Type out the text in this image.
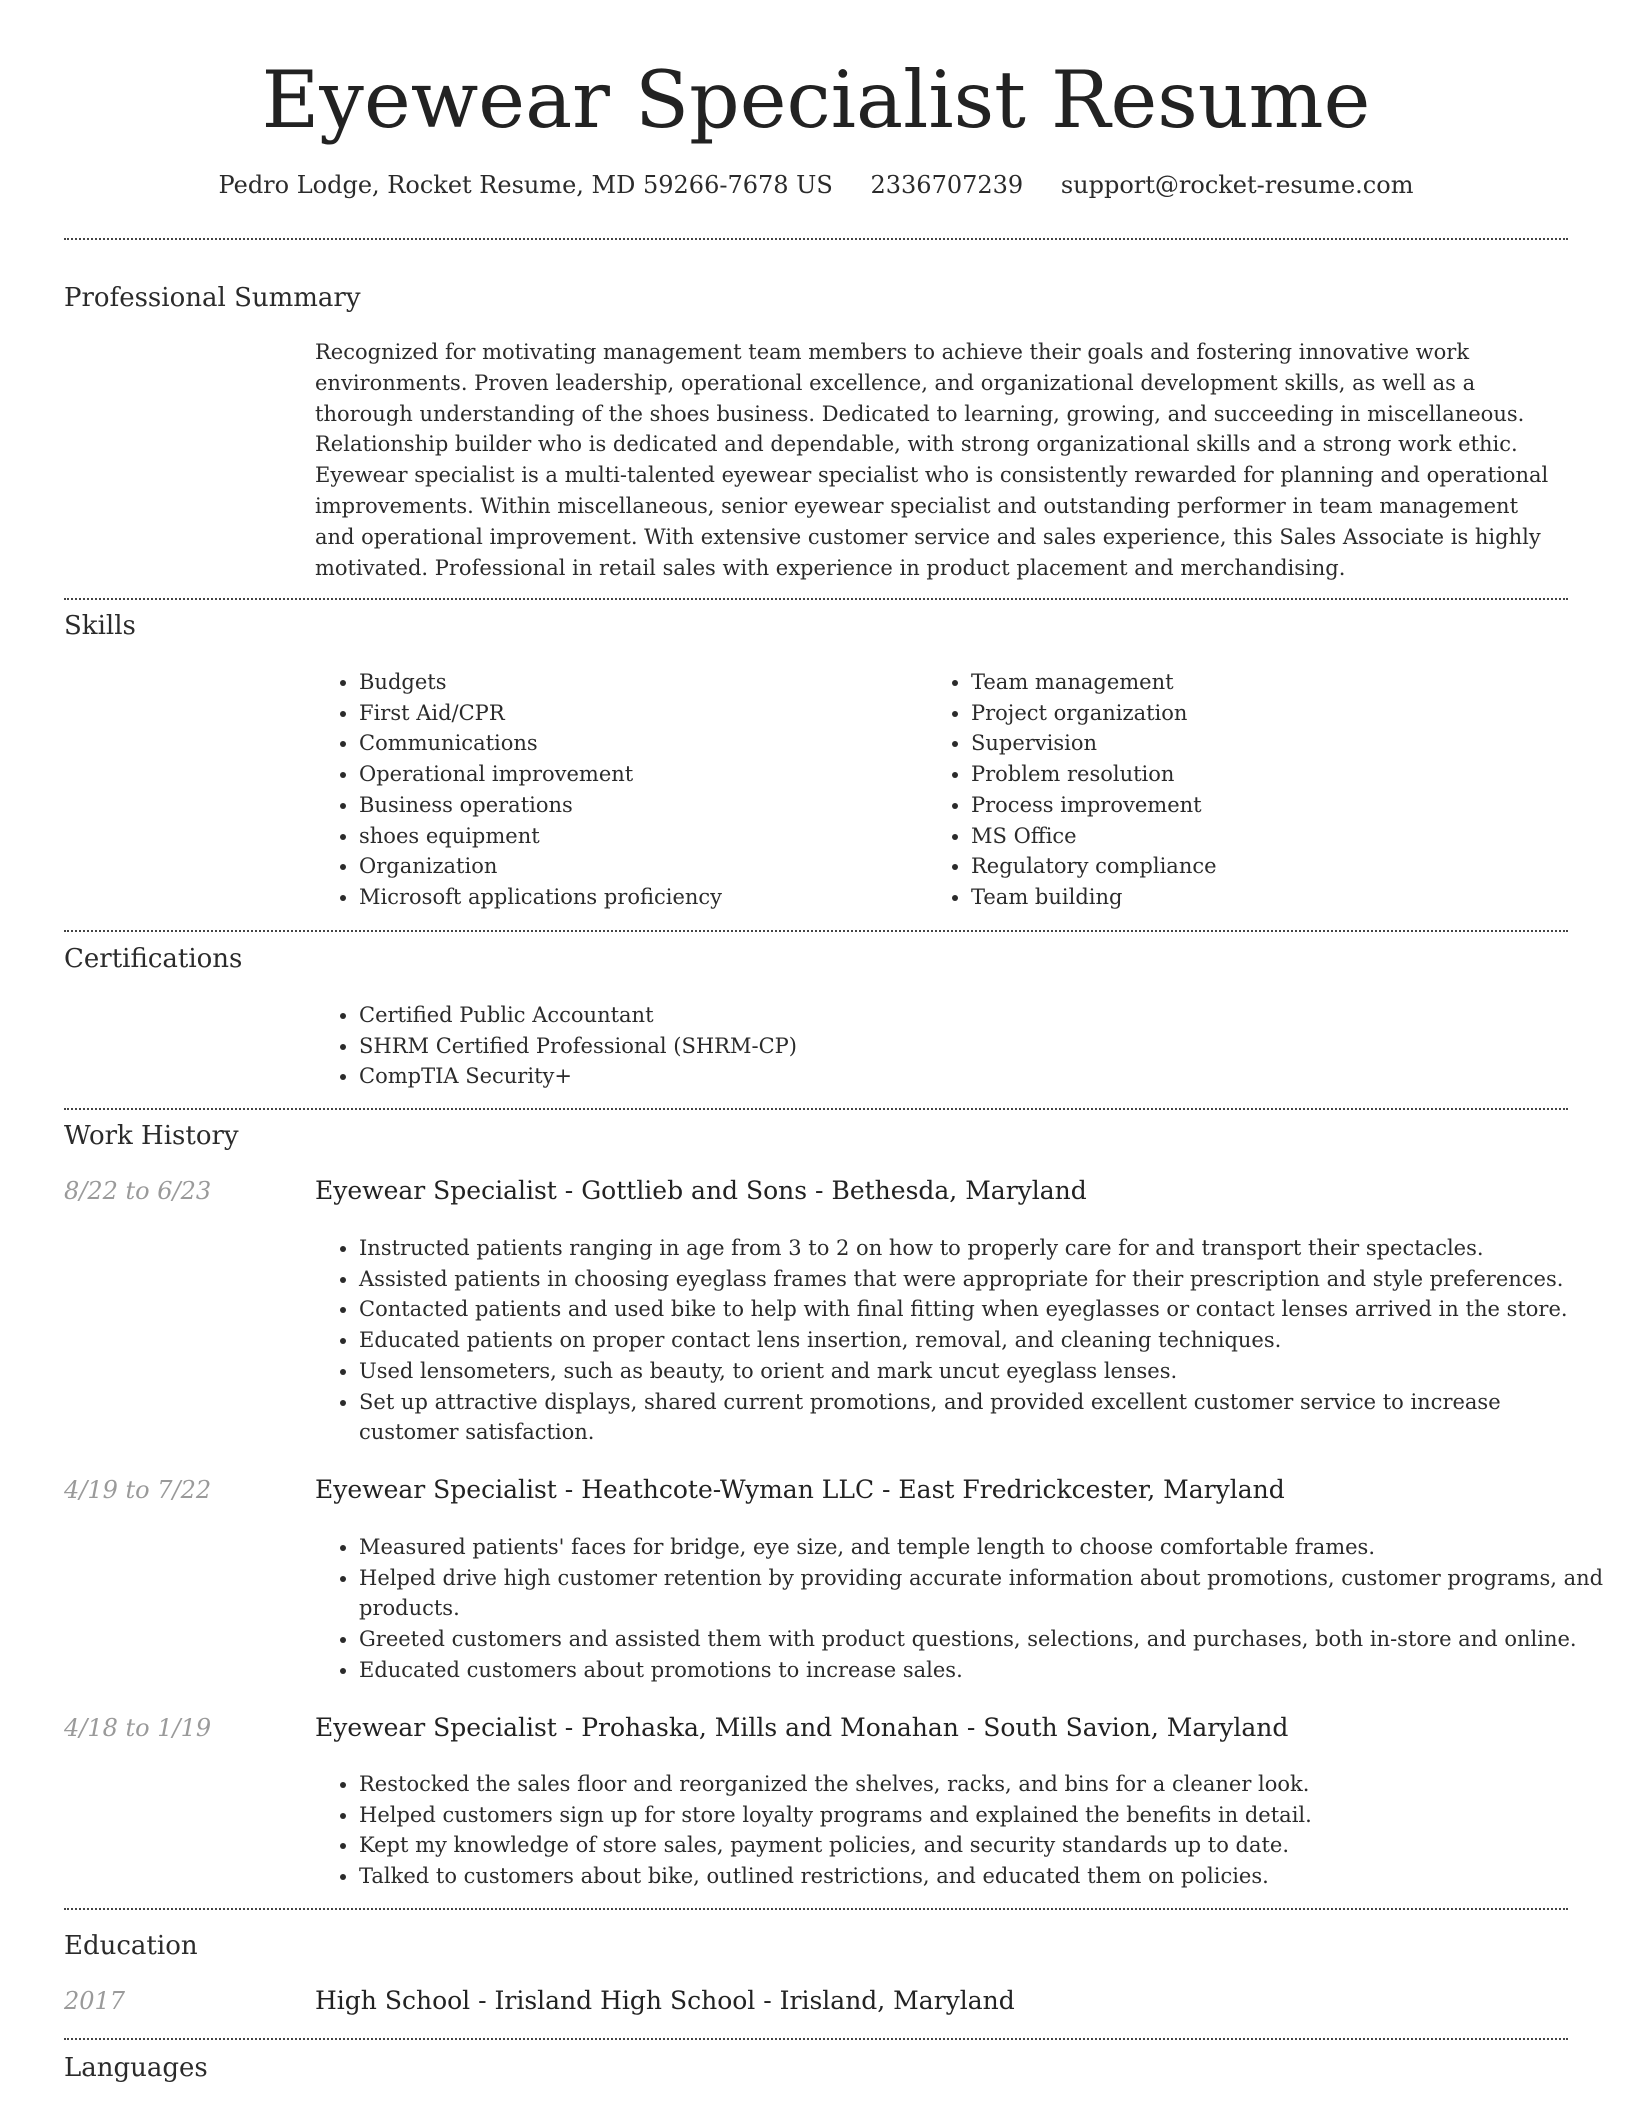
Eyewear Specialist Resume
Pedro Lodge, Rocket Resume, MD 59266-7678 US 2336707239 support@rocket-resume.com
Professional Summary
Recognized for motivating management team members to achieve their goals and fostering innovative work environments. Proven leadership, operational excellence, and organizational development skills, as well as a thorough understanding of the shoes business. Dedicated to learning, growing, and succeeding in miscellaneous. Relationship builder who is dedicated and dependable, with strong organizational skills and a strong work ethic. Eyewear specialist is a multi-talented eyewear specialist who is consistently rewarded for planning and operational improvements. Within miscellaneous, senior eyewear specialist and outstanding performer in team management and operational improvement. With extensive customer service and sales experience, this Sales Associate is highly motivated. Professional in retail sales with experience in product placement and merchandising.
Skills
• Budgets
• First Aid/CPR
• Communications
• Operational improvement
• Business operations
• shoes equipment
• Organization
• Microsoft applications proficiency
• Team management
• Project organization
• Supervision
• Problem resolution
• Process improvement
• MS Office
• Regulatory compliance
• Team building
Certifications
• Certified Public Accountant
• SHRM Certified Professional (SHRM-CP)
• CompTIA Security+
Work History
8/22 to 6/23	Eyewear Specialist - Gottlieb and Sons - Bethesda, Maryland
• Instructed patients ranging in age from 3 to 2 on how to properly care for and transport their spectacles.
• Assisted patients in choosing eyeglass frames that were appropriate for their prescription and style preferences.
• Contacted patients and used bike to help with final fitting when eyeglasses or contact lenses arrived in the store.
• Educated patients on proper contact lens insertion, removal, and cleaning techniques.
• Used lensometers, such as beauty, to orient and mark uncut eyeglass lenses.
• Set up attractive displays, shared current promotions, and provided excellent customer service to increase customer satisfaction.
4/19 to 7/22	Eyewear Specialist - Heathcote-Wyman LLC - East Fredrickcester, Maryland
• Measured patients' faces for bridge, eye size, and temple length to choose comfortable frames.
• Helped drive high customer retention by providing accurate information about promotions, customer programs, and products.
• Greeted customers and assisted them with product questions, selections, and purchases, both in-store and online.
• Educated customers about promotions to increase sales.
4/18 to 1/19	Eyewear Specialist - Prohaska, Mills and Monahan - South Savion, Maryland
• Restocked the sales floor and reorganized the shelves, racks, and bins for a cleaner look.
• Helped customers sign up for store loyalty programs and explained the benefits in detail.
• Kept my knowledge of store sales, payment policies, and security standards up to date.
• Talked to customers about bike, outlined restrictions, and educated them on policies.
Education
2017	High School - Irisland High School - Irisland, Maryland
Languages
